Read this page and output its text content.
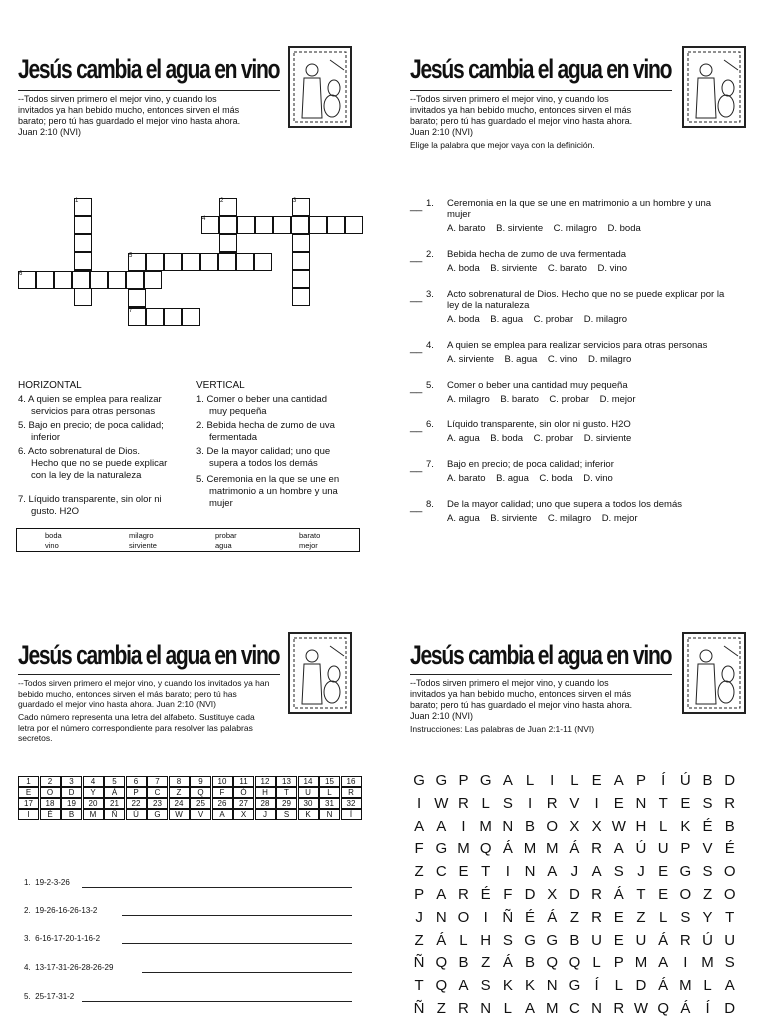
Jesús cambia el agua en vino
--Todos sirven primero el mejor vino, y cuando los
invitados ya han bebido mucho, entonces sirven el más
barato; pero tú has guardado el mejor vino hasta ahora.
Juan 2:10 (NVI)
1	2	3
4
5
6
7
HORIZONTAL	VERTICAL
4. A quien se emplea para realizar
servicios para otras personas
5. Bajo en precio; de poca calidad;
inferior
6. Acto sobrenatural de Dios.
Hecho que no se puede explicar
con la ley de la naturaleza
7. Líquido transparente, sin olor ni
gusto. H2O
1. Comer o beber una cantidad
muy pequeña
2. Bebida hecha de zumo de uva
fermentada
3. De la mayor calidad; uno que
supera a todos los demás
5. Ceremonia en la que se une en
matrimonio a un hombre y una
mujer
boda	milagro	probar	barato
vino	sirviente	agua	mejor
Jesús cambia el agua en vino
--Todos sirven primero el mejor vino, y cuando los
invitados ya han bebido mucho, entonces sirven el más
barato; pero tú has guardado el mejor vino hasta ahora.
Juan 2:10 (NVI)
Elige la palabra que mejor vaya con la definición.
__ 1. Ceremonia en la que se une en matrimonio a un hombre y una
mujer
A. barato    B. sirviente    C. milagro    D. boda
__ 2. Bebida hecha de zumo de uva fermentada
A. boda    B. sirviente    C. barato    D. vino
__ 3. Acto sobrenatural de Dios. Hecho que no se puede explicar por la
ley de la naturaleza
A. boda    B. agua    C. probar    D. milagro
__ 4. A quien se emplea para realizar servicios para otras personas
A. sirviente    B. agua    C. vino    D. milagro
__ 5. Comer o beber una cantidad muy pequeña
A. milagro    B. barato    C. probar    D. mejor
__ 6. Líquido transparente, sin olor ni gusto. H2O
A. agua    B. boda    C. probar    D. sirviente
__ 7. Bajo en precio; de poca calidad; inferior
A. barato    B. agua    C. boda    D. vino
__ 8. De la mayor calidad; uno que supera a todos los demás
A. agua    B. sirviente    C. milagro    D. mejor
Jesús cambia el agua en vino
--Todos sirven primero el mejor vino, y cuando los invitados ya han
bebido mucho, entonces sirven el más barato; pero tú has
guardado el mejor vino hasta ahora. Juan 2:10 (NVI)
Cado número representa una letra del alfabeto. Sustituye cada
letra por el número correspondiente para resolver las palabras
secretos.
1	2	3	4	5	6	7	8	9	10	11	12	13	14	15	16
E	O	D	Y	Á	P	C	Z	Q	F	Ó	H	T	U	L	R
17	18	19	20	21	22	23	24	25	26	27	28	29	30	31	32
I	É	B	M	Ñ	Ú	G	W	V	A	X	J	S	K	N	Í
1.  19-2-3-26
2.  19-26-16-26-13-2
3.  6-16-17-20-1-16-2
4.  13-17-31-26-28-26-29
5.  25-17-31-2
Jesús cambia el agua en vino
--Todos sirven primero el mejor vino, y cuando los
invitados ya han bebido mucho, entonces sirven el más
barato; pero tú has guardado el mejor vino hasta ahora.
Juan 2:10 (NVI)
Instrucciones: Las palabras de Juan 2:1-11 (NVI)
G G P G A L I L E A P Í Ú B D
I W R L S I R V I E N T E S R
A A I M N B O X X W H L K É B
F G M Q Á M M Á R A Ú U P V É
Z C E T I N A J A S J E G S O
P A R É F D X D R Á T E O Z O
J N O I Ñ É Á Z R E Z L S Y T
Z Á L H S G G B U E U Á R Ú U
Ñ Q B Z Á B Q Q L P M A I M S
T Q A S K K N G Í L D Á M L A
Ñ Z R N L A M C N R W Q Á Í D
